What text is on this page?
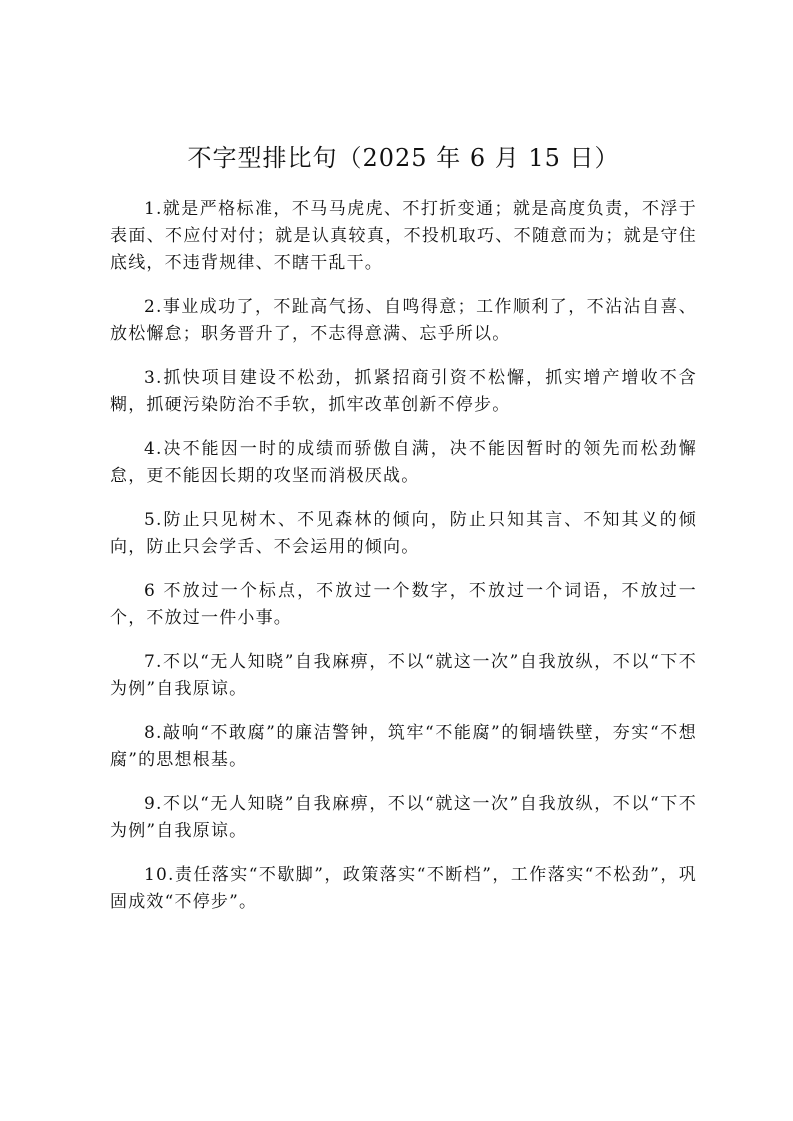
不字型排比句（2025 年 6 月 15 日）

1.就是严格标准，不马马虎虎、不打折变通；就是高度负责，不浮于表面、不应付对付；就是认真较真，不投机取巧、不随意而为；就是守住底线，不违背规律、不瞎干乱干。

2.事业成功了，不趾高气扬、自鸣得意；工作顺利了，不沾沾自喜、放松懈怠；职务晋升了，不志得意满、忘乎所以。

3.抓快项目建设不松劲，抓紧招商引资不松懈，抓实增产增收不含糊，抓硬污染防治不手软，抓牢改革创新不停步。

4.决不能因一时的成绩而骄傲自满，决不能因暂时的领先而松劲懈怠，更不能因长期的攻坚而消极厌战。

5.防止只见树木、不见森林的倾向，防止只知其言、不知其义的倾向，防止只会学舌、不会运用的倾向。

6 不放过一个标点，不放过一个数字，不放过一个词语，不放过一个，不放过一件小事。

7.不以“无人知晓”自我麻痹，不以“就这一次”自我放纵，不以“下不为例”自我原谅。

8.敲响“不敢腐”的廉洁警钟，筑牢“不能腐”的铜墙铁壁，夯实“不想腐”的思想根基。

9.不以“无人知晓”自我麻痹，不以“就这一次”自我放纵，不以“下不为例”自我原谅。

10.责任落实“不歇脚”，政策落实“不断档”，工作落实“不松劲”，巩固成效“不停步”。
